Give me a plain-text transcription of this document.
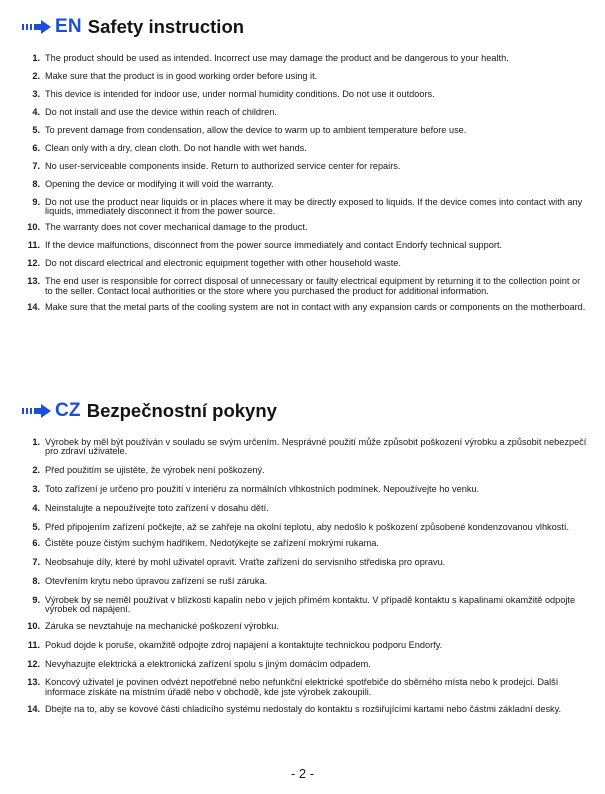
EN Safety instruction
1. The product should be used as intended. Incorrect use may damage the product and be dangerous to your health.
2. Make sure that the product is in good working order before using it.
3. This device is intended for indoor use, under normal humidity conditions. Do not use it outdoors.
4. Do not install and use the device within reach of children.
5. To prevent damage from condensation, allow the device to warm up to ambient temperature before use.
6. Clean only with a dry, clean cloth. Do not handle with wet hands.
7. No user-serviceable components inside. Return to authorized service center for repairs.
8. Opening the device or modifying it will void the warranty.
9. Do not use the product near liquids or in places where it may be directly exposed to liquids. If the device comes into contact with any liquids, immediately disconnect it from the power source.
10. The warranty does not cover mechanical damage to the product.
11. If the device malfunctions, disconnect from the power source immediately and contact Endorfy technical support.
12. Do not discard electrical and electronic equipment together with other household waste.
13. The end user is responsible for correct disposal of unnecessary or faulty electrical equipment by returning it to the collection point or to the seller. Contact local authorities or the store where you purchased the product for additional information.
14. Make sure that the metal parts of the cooling system are not in contact with any expansion cards or components on the motherboard.
CZ Bezpečnostní pokyny
1. Výrobek by měl být používán v souladu se svým určením. Nesprávné použití může způsobit poškození výrobku a způsobit nebezpečí pro zdraví uživatele.
2. Před použitím se ujistěte, že výrobek není poškozený.
3. Toto zařízení je určeno pro použití v interiéru za normálních vlhkostních podmínek. Nepoužívejte ho venku.
4. Neinstalujte a nepoužívejte toto zařízení v dosahu dětí.
5. Před připojením zařízení počkejte, až se zahřeje na okolní teplotu, aby nedošlo k poškození způsobené kondenzovanou vlhkostí.
6. Čistěte pouze čistým suchým hadříkem. Nedotýkejte se zařízení mokrými rukama.
7. Neobsahuje díly, které by mohl uživatel opravit. Vraťte zařízení do servisního střediska pro opravu.
8. Otevřením krytu nebo úpravou zařízení se ruší záruka.
9. Výrobek by se neměl používat v blízkosti kapalin nebo v jejich přímém kontaktu. V případě kontaktu s kapalinami okamžitě odpojte výrobek od napájení.
10. Záruka se nevztahuje na mechanické poškození výrobku.
11. Pokud dojde k poruše, okamžitě odpojte zdroj napájení a kontaktujte technickou podporu Endorfy.
12. Nevyhazujte elektrická a elektronická zařízení spolu s jiným domácím odpadem.
13. Koncový uživatel je povinen odvézt nepotřebné nebo nefunkční elektrické spotřebiče do sběrného místa nebo k prodejci. Další informace získáte na místním úřadě nebo v obchodě, kde jste výrobek zakoupili.
14. Dbejte na to, aby se kovové části chladicího systému nedostaly do kontaktu s rozšiřujícími kartami nebo částmi základní desky.
- 2 -
